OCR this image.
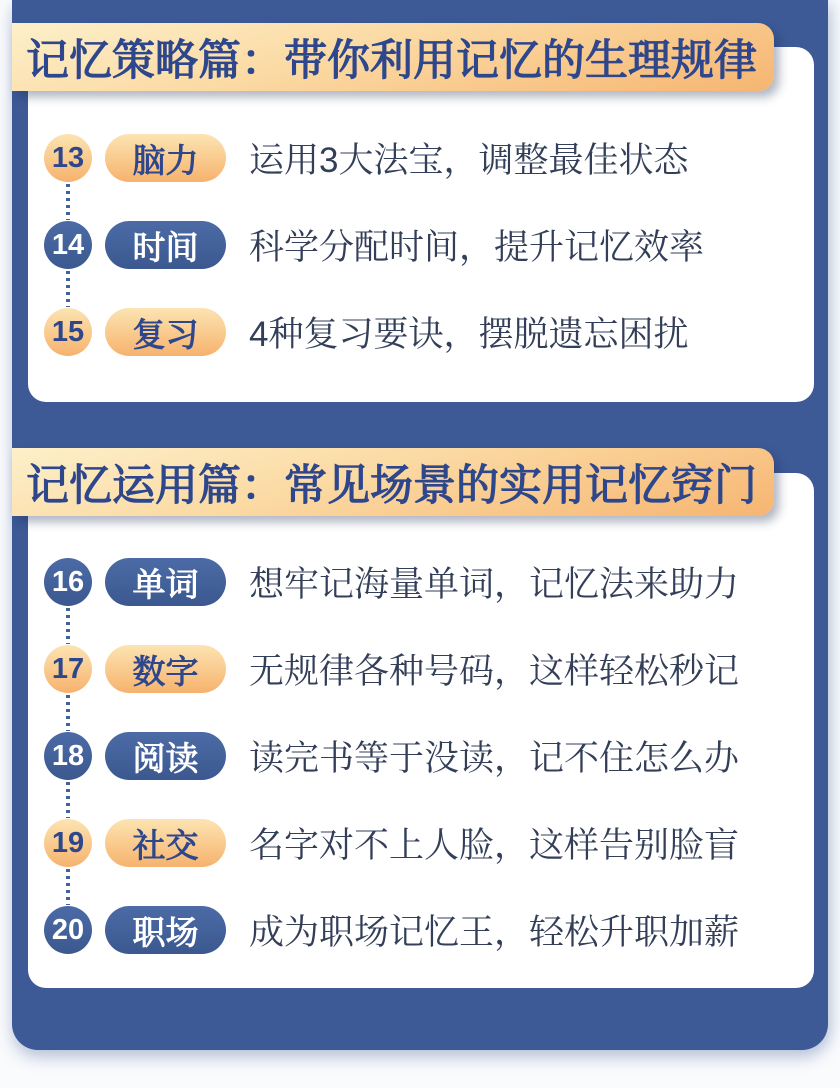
记忆策略篇：带你利用记忆的生理规律
13	脑力	运用3大法宝，调整最佳状态
14	时间	科学分配时间，提升记忆效率
15	复习	4种复习要诀，摆脱遗忘困扰
记忆运用篇：常见场景的实用记忆窍门
16	单词	想牢记海量单词，记忆法来助力
17	数字	无规律各种号码，这样轻松秒记
18	阅读	读完书等于没读，记不住怎么办
19	社交	名字对不上人脸，这样告别脸盲
20	职场	成为职场记忆王，轻松升职加薪
